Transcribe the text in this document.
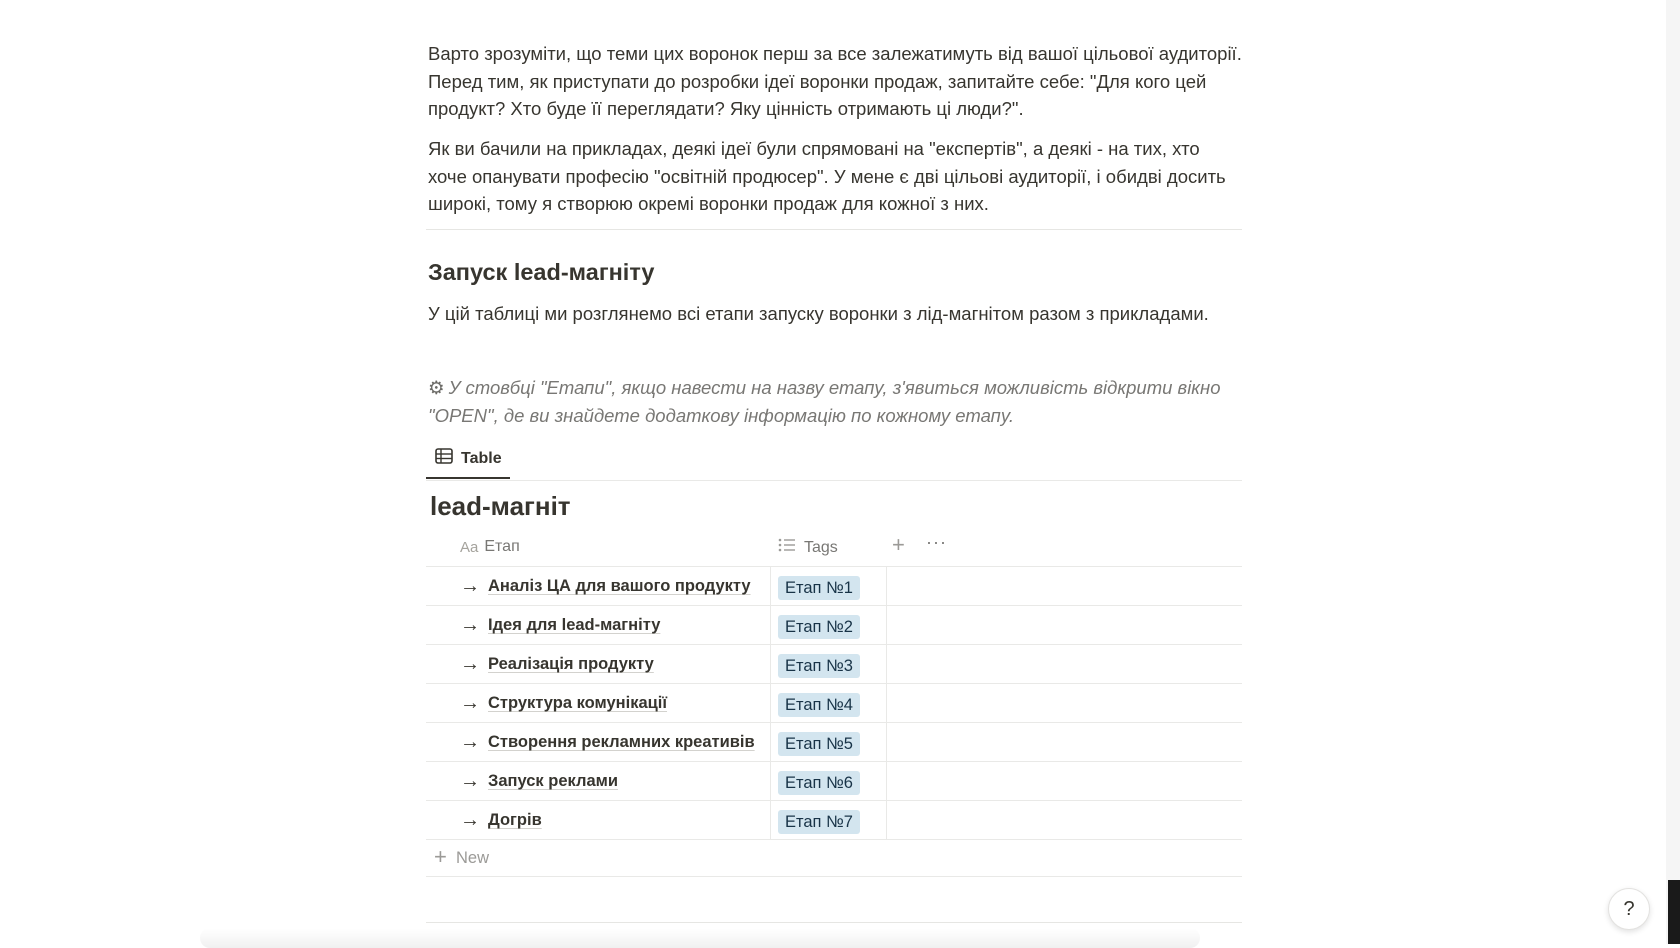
Варто зрозуміти, що теми цих воронок перш за все залежатимуть від вашої цільової аудиторії. Перед тим, як приступати до розробки ідеї воронки продаж, запитайте себе: "Для кого цей продукт? Хто буде її переглядати? Яку цінність отримають ці люди?".

Як ви бачили на прикладах, деякі ідеї були спрямовані на "експертів", а деякі - на тих, хто хоче опанувати професію "освітній продюсер". У мене є дві цільові аудиторії, і обидві досить широкі, тому я створюю окремі воронки продаж для кожної з них.

Запуск lead-магніту

У цій таблиці ми розглянемо всі етапи запуску воронки з лід-магнітом разом з прикладами.

⚙ У стовбці "Етапи", якщо навести на назву етапу, з'явиться можливість відкрити вікно "OPEN", де ви знайдете додаткову інформацію по кожному етапу.

Table
lead-магніт
Aa Етап	Tags + ···
→ Аналіз ЦА для вашого продукту	Етап №1
→ Ідея для lead-магніту	Етап №2
→ Реалізація продукту	Етап №3
→ Структура комунікації	Етап №4
→ Створення рекламних креативів	Етап №5
→ Запуск реклами	Етап №6
→ Догрів	Етап №7
+ New
?
